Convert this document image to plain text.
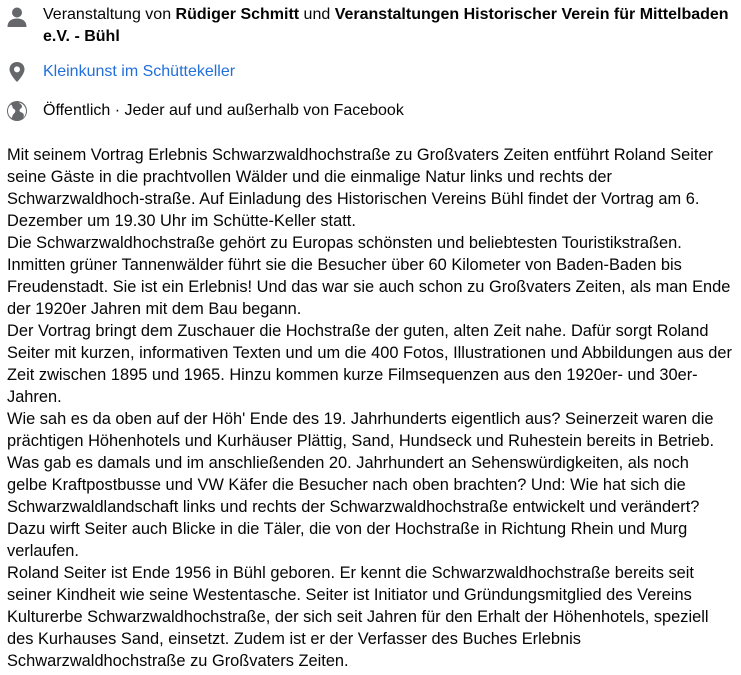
Veranstaltung von Rüdiger Schmitt und Veranstaltungen Historischer Verein für Mittelbaden e.V. - Bühl
Kleinkunst im Schüttekeller
Öffentlich · Jeder auf und außerhalb von Facebook

Mit seinem Vortrag Erlebnis Schwarzwaldhochstraße zu Großvaters Zeiten entführt Roland Seiter seine Gäste in die prachtvollen Wälder und die einmalige Natur links und rechts der Schwarzwaldhoch-straße. Auf Einladung des Historischen Vereins Bühl findet der Vortrag am 6. Dezember um 19.30 Uhr im Schütte-Keller statt.

Die Schwarzwaldhochstraße gehört zu Europas schönsten und beliebtesten Touristikstraßen. Inmitten grüner Tannenwälder führt sie die Besucher über 60 Kilometer von Baden-Baden bis Freudenstadt. Sie ist ein Erlebnis! Und das war sie auch schon zu Großvaters Zeiten, als man Ende der 1920er Jahren mit dem Bau begann.

Der Vortrag bringt dem Zuschauer die Hochstraße der guten, alten Zeit nahe. Dafür sorgt Roland Seiter mit kurzen, informativen Texten und um die 400 Fotos, Illustrationen und Abbildungen aus der Zeit zwischen 1895 und 1965. Hinzu kommen kurze Filmsequenzen aus den 1920er- und 30er-Jahren.

Wie sah es da oben auf der Höh' Ende des 19. Jahrhunderts eigentlich aus? Seinerzeit waren die prächtigen Höhenhotels und Kurhäuser Plättig, Sand, Hundseck und Ruhestein bereits in Betrieb. Was gab es damals und im anschließenden 20. Jahrhundert an Sehenswürdigkeiten, als noch gelbe Kraftpostbusse und VW Käfer die Besucher nach oben brachten? Und: Wie hat sich die Schwarzwaldlandschaft links und rechts der Schwarzwaldhochstraße entwickelt und verändert? Dazu wirft Seiter auch Blicke in die Täler, die von der Hochstraße in Richtung Rhein und Murg verlaufen.

Roland Seiter ist Ende 1956 in Bühl geboren. Er kennt die Schwarzwaldhochstraße bereits seit seiner Kindheit wie seine Westentasche. Seiter ist Initiator und Gründungsmitglied des Vereins Kulturerbe Schwarzwaldhochstraße, der sich seit Jahren für den Erhalt der Höhenhotels, speziell des Kurhauses Sand, einsetzt. Zudem ist er der Verfasser des Buches Erlebnis Schwarzwaldhochstraße zu Großvaters Zeiten.
